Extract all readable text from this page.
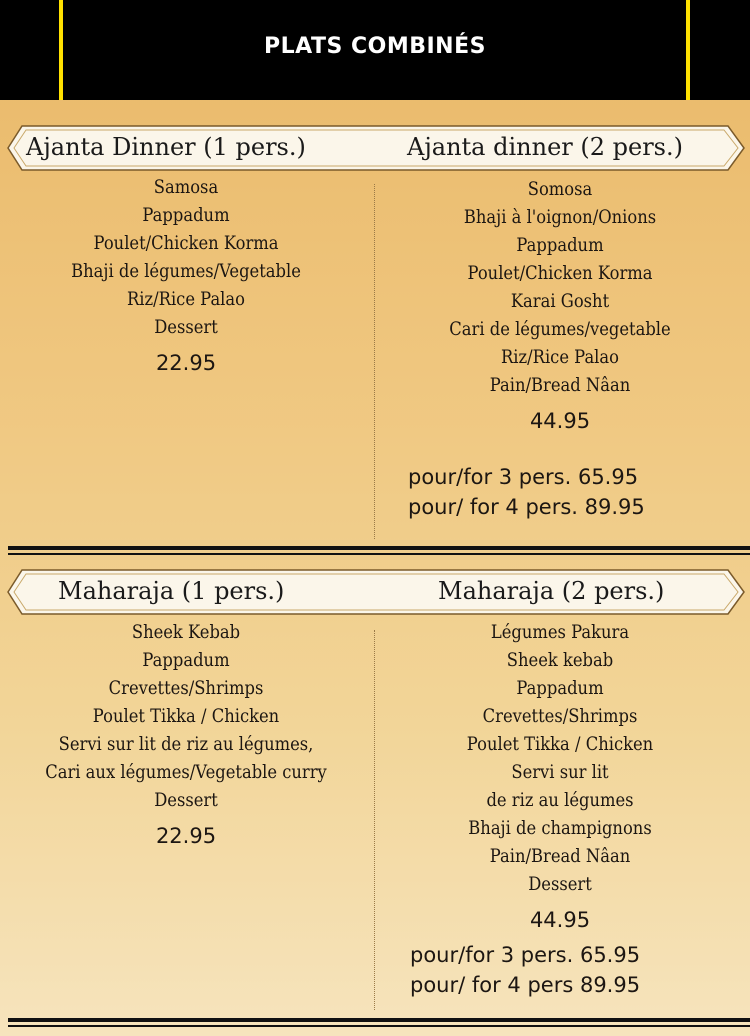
PLATS COMBINÉS
Ajanta Dinner (1 pers.)	Ajanta dinner (2 pers.)
Samosa
Pappadum
Poulet/Chicken Korma
Bhaji de légumes/Vegetable
Riz/Rice Palao
Dessert
22.95
Somosa
Bhaji à l'oignon/Onions
Pappadum
Poulet/Chicken Korma
Karai Gosht
Cari de légumes/vegetable
Riz/Rice Palao
Pain/Bread Nâan
44.95
pour/for 3 pers. 65.95
pour/ for 4 pers. 89.95
Maharaja (1 pers.)	Maharaja (2 pers.)
Sheek Kebab
Pappadum
Crevettes/Shrimps
Poulet Tikka / Chicken
Servi sur lit de riz au légumes,
Cari aux légumes/Vegetable curry
Dessert
22.95
Légumes Pakura
Sheek kebab
Pappadum
Crevettes/Shrimps
Poulet Tikka / Chicken
Servi sur lit
de riz au légumes
Bhaji de champignons
Pain/Bread Nâan
Dessert
44.95
pour/for 3 pers. 65.95
pour/ for 4 pers 89.95
